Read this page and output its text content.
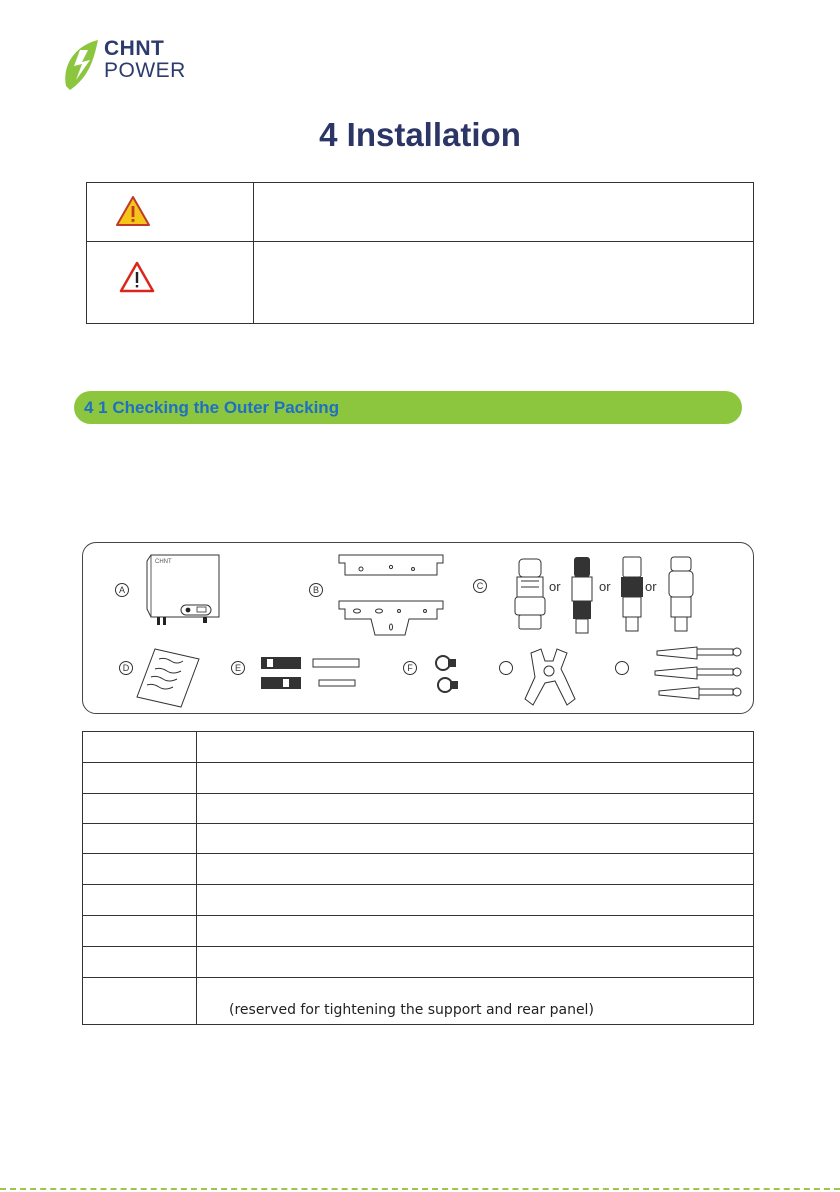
CHNT
POWER
4 Installation
4 1 Checking the Outer Packing
A	B	C
D	E	F
CHNT
or	or	or
(reserved for tightening the support and rear panel)
